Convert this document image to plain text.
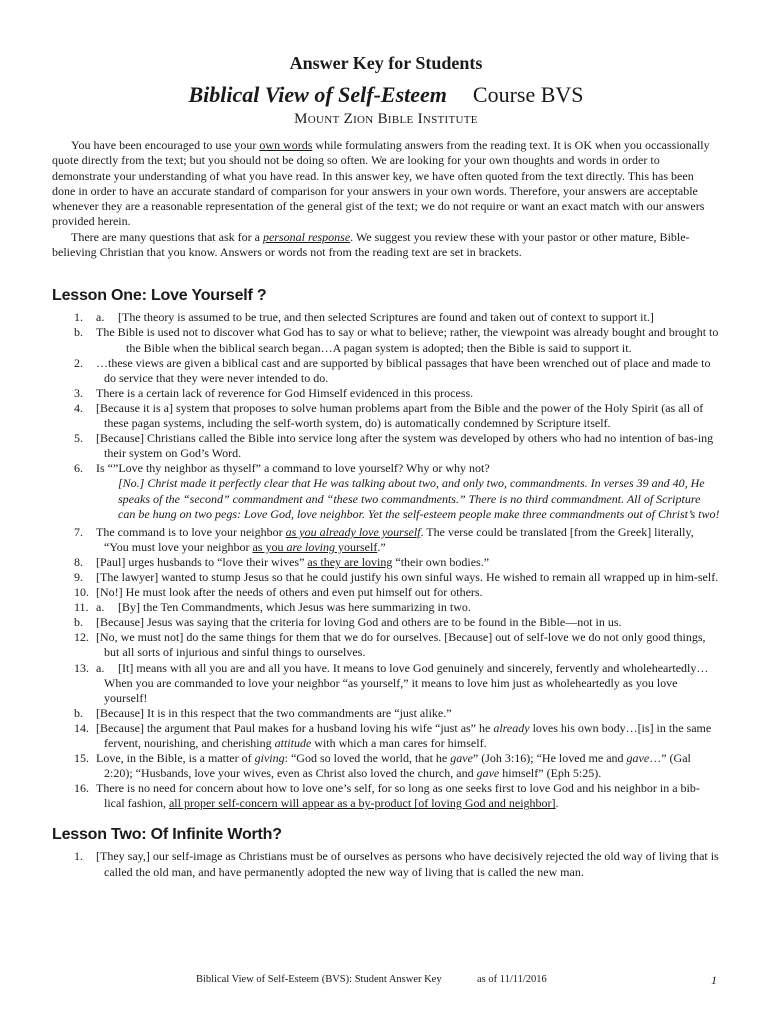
Answer Key for Students

Biblical View of Self-Esteem Course BVS

Mount Zion Bible Institute

You have been encouraged to use your own words while formulating answers from the reading text. It is OK when you occassionally quote directly from the text; but you should not be doing so often. We are looking for your own thoughts and words in order to demonstrate your understanding of what you have read. In this answer key, we have often quoted from the text directly. This has been done in order to have an accurate standard of comparison for your answers in your own words. Therefore, your answers are acceptable whenever they are a reasonable representation of the general gist of the text; we do not require or want an exact match with our answers provided herein.

There are many questions that ask for a personal response. We suggest you review these with your pastor or other mature, Bible-believing Christian that you know. Answers or words not from the reading text are set in brackets.

Lesson One: Love Yourself ?

1. a. [The theory is assumed to be true, and then selected Scriptures are found and taken out of context to support it.]

b. The Bible is used not to discover what God has to say or what to believe; rather, the viewpoint was already bought and brought to the Bible when the biblical search began…A pagan system is adopted; then the Bible is said to support it.

2. …these views are given a biblical cast and are supported by biblical passages that have been wrenched out of place and made to do service that they were never intended to do.

3. There is a certain lack of reverence for God Himself evidenced in this process.

4. [Because it is a] system that proposes to solve human problems apart from the Bible and the power of the Holy Spirit (as all of these pagan systems, including the self-worth system, do) is automatically condemned by Scripture itself.

5. [Because] Christians called the Bible into service long after the system was developed by others who had no intention of bas-ing their system on God’s Word.

6. Is “”Love thy neighbor as thyself” a command to love yourself? Why or why not?

[No.] Christ made it perfectly clear that He was talking about two, and only two, commandments. In verses 39 and 40, He speaks of the “second” commandment and “these two commandments.” There is no third commandment. All of Scripture can be hung on two pegs: Love God, love neighbor. Yet the self-esteem people make three commandments out of Christ’s two!

7. The command is to love your neighbor as you already love yourself. The verse could be translated [from the Greek] literally, “You must love your neighbor as you are loving yourself.”

8. [Paul] urges husbands to “love their wives” as they are loving “their own bodies.”

9. [The lawyer] wanted to stump Jesus so that he could justify his own sinful ways. He wished to remain all wrapped up in him-self.

10. [No!] He must look after the needs of others and even put himself out for others.

11. a. [By] the Ten Commandments, which Jesus was here summarizing in two.

b. [Because] Jesus was saying that the criteria for loving God and others are to be found in the Bible—not in us.

12. [No, we must not] do the same things for them that we do for ourselves. [Because] out of self-love we do not only good things, but all sorts of injurious and sinful things to ourselves.

13. a. [It] means with all you are and all you have. It means to love God genuinely and sincerely, fervently and wholeheartedly…When you are commanded to love your neighbor “as yourself,” it means to love him just as wholeheartedly as you love yourself!

b. [Because] It is in this respect that the two commandments are “just alike.”

14. [Because] the argument that Paul makes for a husband loving his wife “just as” he already loves his own body…[is] in the same fervent, nourishing, and cherishing attitude with which a man cares for himself.

15. Love, in the Bible, is a matter of giving: “God so loved the world, that he gave” (Joh 3:16); “He loved me and gave…” (Gal 2:20); “Husbands, love your wives, even as Christ also loved the church, and gave himself” (Eph 5:25).

16. There is no need for concern about how to love one’s self, for so long as one seeks first to love God and his neighbor in a bib-lical fashion, all proper self-concern will appear as a by-product [of loving God and neighbor].

Lesson Two: Of Infinite Worth?

1. [They say,] our self-image as Christians must be of ourselves as persons who have decisively rejected the old way of living that is called the old man, and have permanently adopted the new way of living that is called the new man.

Biblical View of Self-Esteem (BVS): Student Answer Key	as of 11/11/2016	1
